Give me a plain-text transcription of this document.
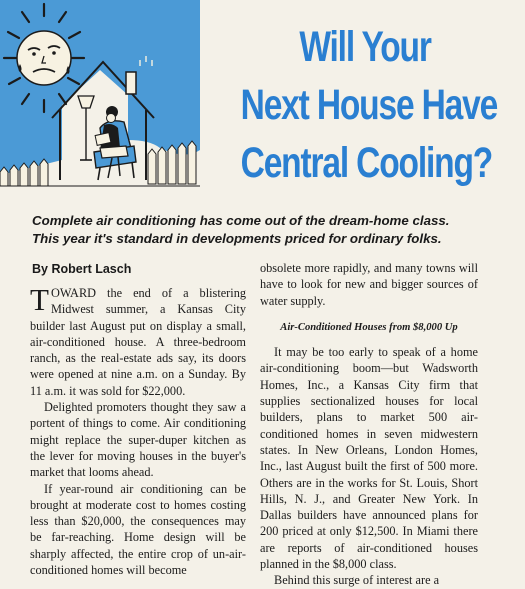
Will Your
Next House Have
Central Cooling?
Complete air conditioning has come out of the dream-home class.
This year it's standard in developments priced for ordinary folks.
By Robert Lasch

TOWARD the end of a blistering Midwest summer, a Kansas City builder last August put on display a small, air-conditioned house. A three-bedroom ranch, as the real-estate ads say, its doors were opened at nine a.m. on a Sunday. By 11 a.m. it was sold for $22,000.

Delighted promoters thought they saw a portent of things to come. Air conditioning might replace the super-duper kitchen as the lever for moving houses in the buyer's market that looms ahead.

If year-round air conditioning can be brought at moderate cost to homes costing less than $20,000, the consequences may be far-reaching. Home design will be sharply affected, the entire crop of un-air-conditioned homes will become

obsolete more rapidly, and many towns will have to look for new and bigger sources of water supply.

Air-Conditioned Houses from $8,000 Up

It may be too early to speak of a home air-conditioning boom—but Wadsworth Homes, Inc., a Kansas City firm that supplies sectionalized houses for local builders, plans to market 500 air-conditioned homes in seven midwestern states. In New Orleans, London Homes, Inc., last August built the first of 500 more. Others are in the works for St. Louis, Short Hills, N. J., and Greater New York. In Dallas builders have announced plans for 200 priced at only $12,500. In Miami there are reports of air-conditioned houses planned in the $8,000 class.

Behind this surge of interest are a
